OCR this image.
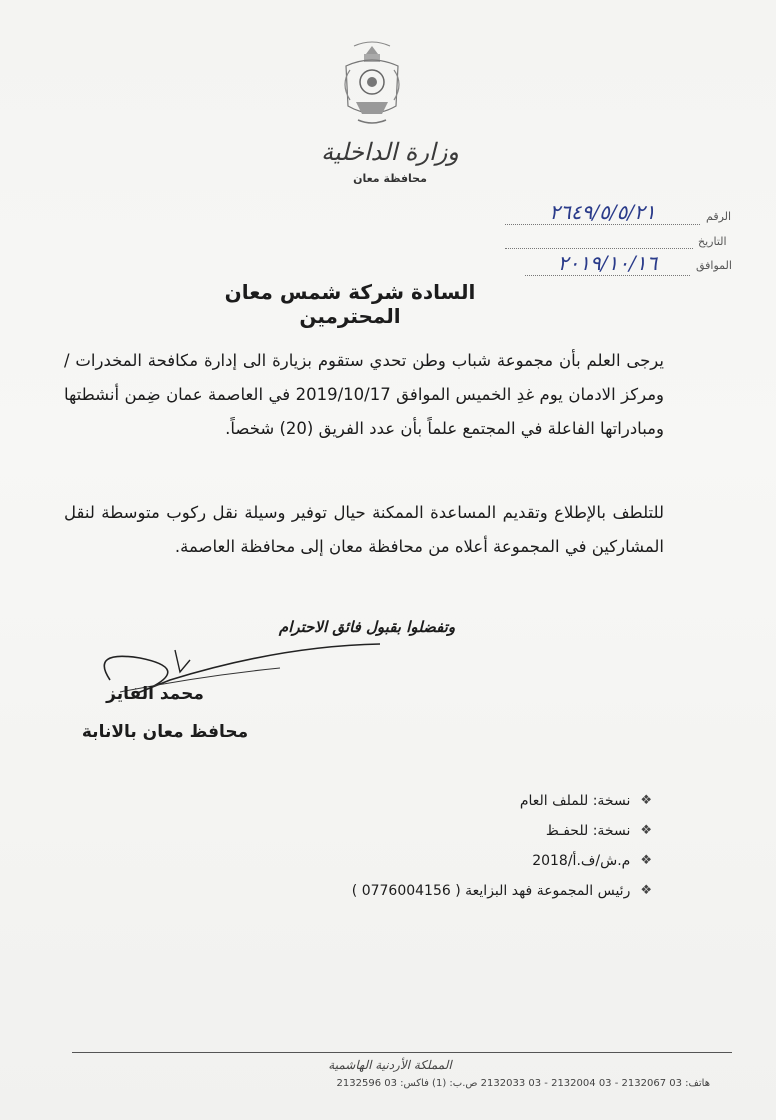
وزارة الداخلية
محافظة معان
الرقم
٢٦٤٩/٥/٥/٢١
التاريخ
الموافق
٢٠١٩/١٠/١٦
السادة شركة شمس معان المحترمين
يرجى العلم بأن مجموعة شباب وطن تحدي ستقوم بزيارة الى إدارة مكافحة المخدرات / ومركز الادمان يوم غدِ الخميس الموافق 2019/10/17 في العاصمة عمان ضِمن أنشطتها ومبادراتها الفاعلة في المجتمع علماً بأن عدد الفريق (20) شخصاً.
للتلطف بالإطلاع وتقديم المساعدة الممكنة حيال توفير وسيلة نقل ركوب متوسطة لنقل المشاركين في المجموعة أعلاه من محافظة معان إلى محافظة العاصمة.
وتفضلوا بقبول فائق الاحترام
محمد الفايز
محافظ معان بالانابة
❖
نسخة: للملف العام
❖
نسخة: للحفـظ
❖
م.ش/ف.أ/2018
❖
رئيس المجموعة فهد البزايعة ( 0776004156 )
المملكة الأردنية الهاشمية
هاتف: 03 2132067 - 03 2132004 - 03 2132033 ص.ب: (1) فاكس: 03 2132596
